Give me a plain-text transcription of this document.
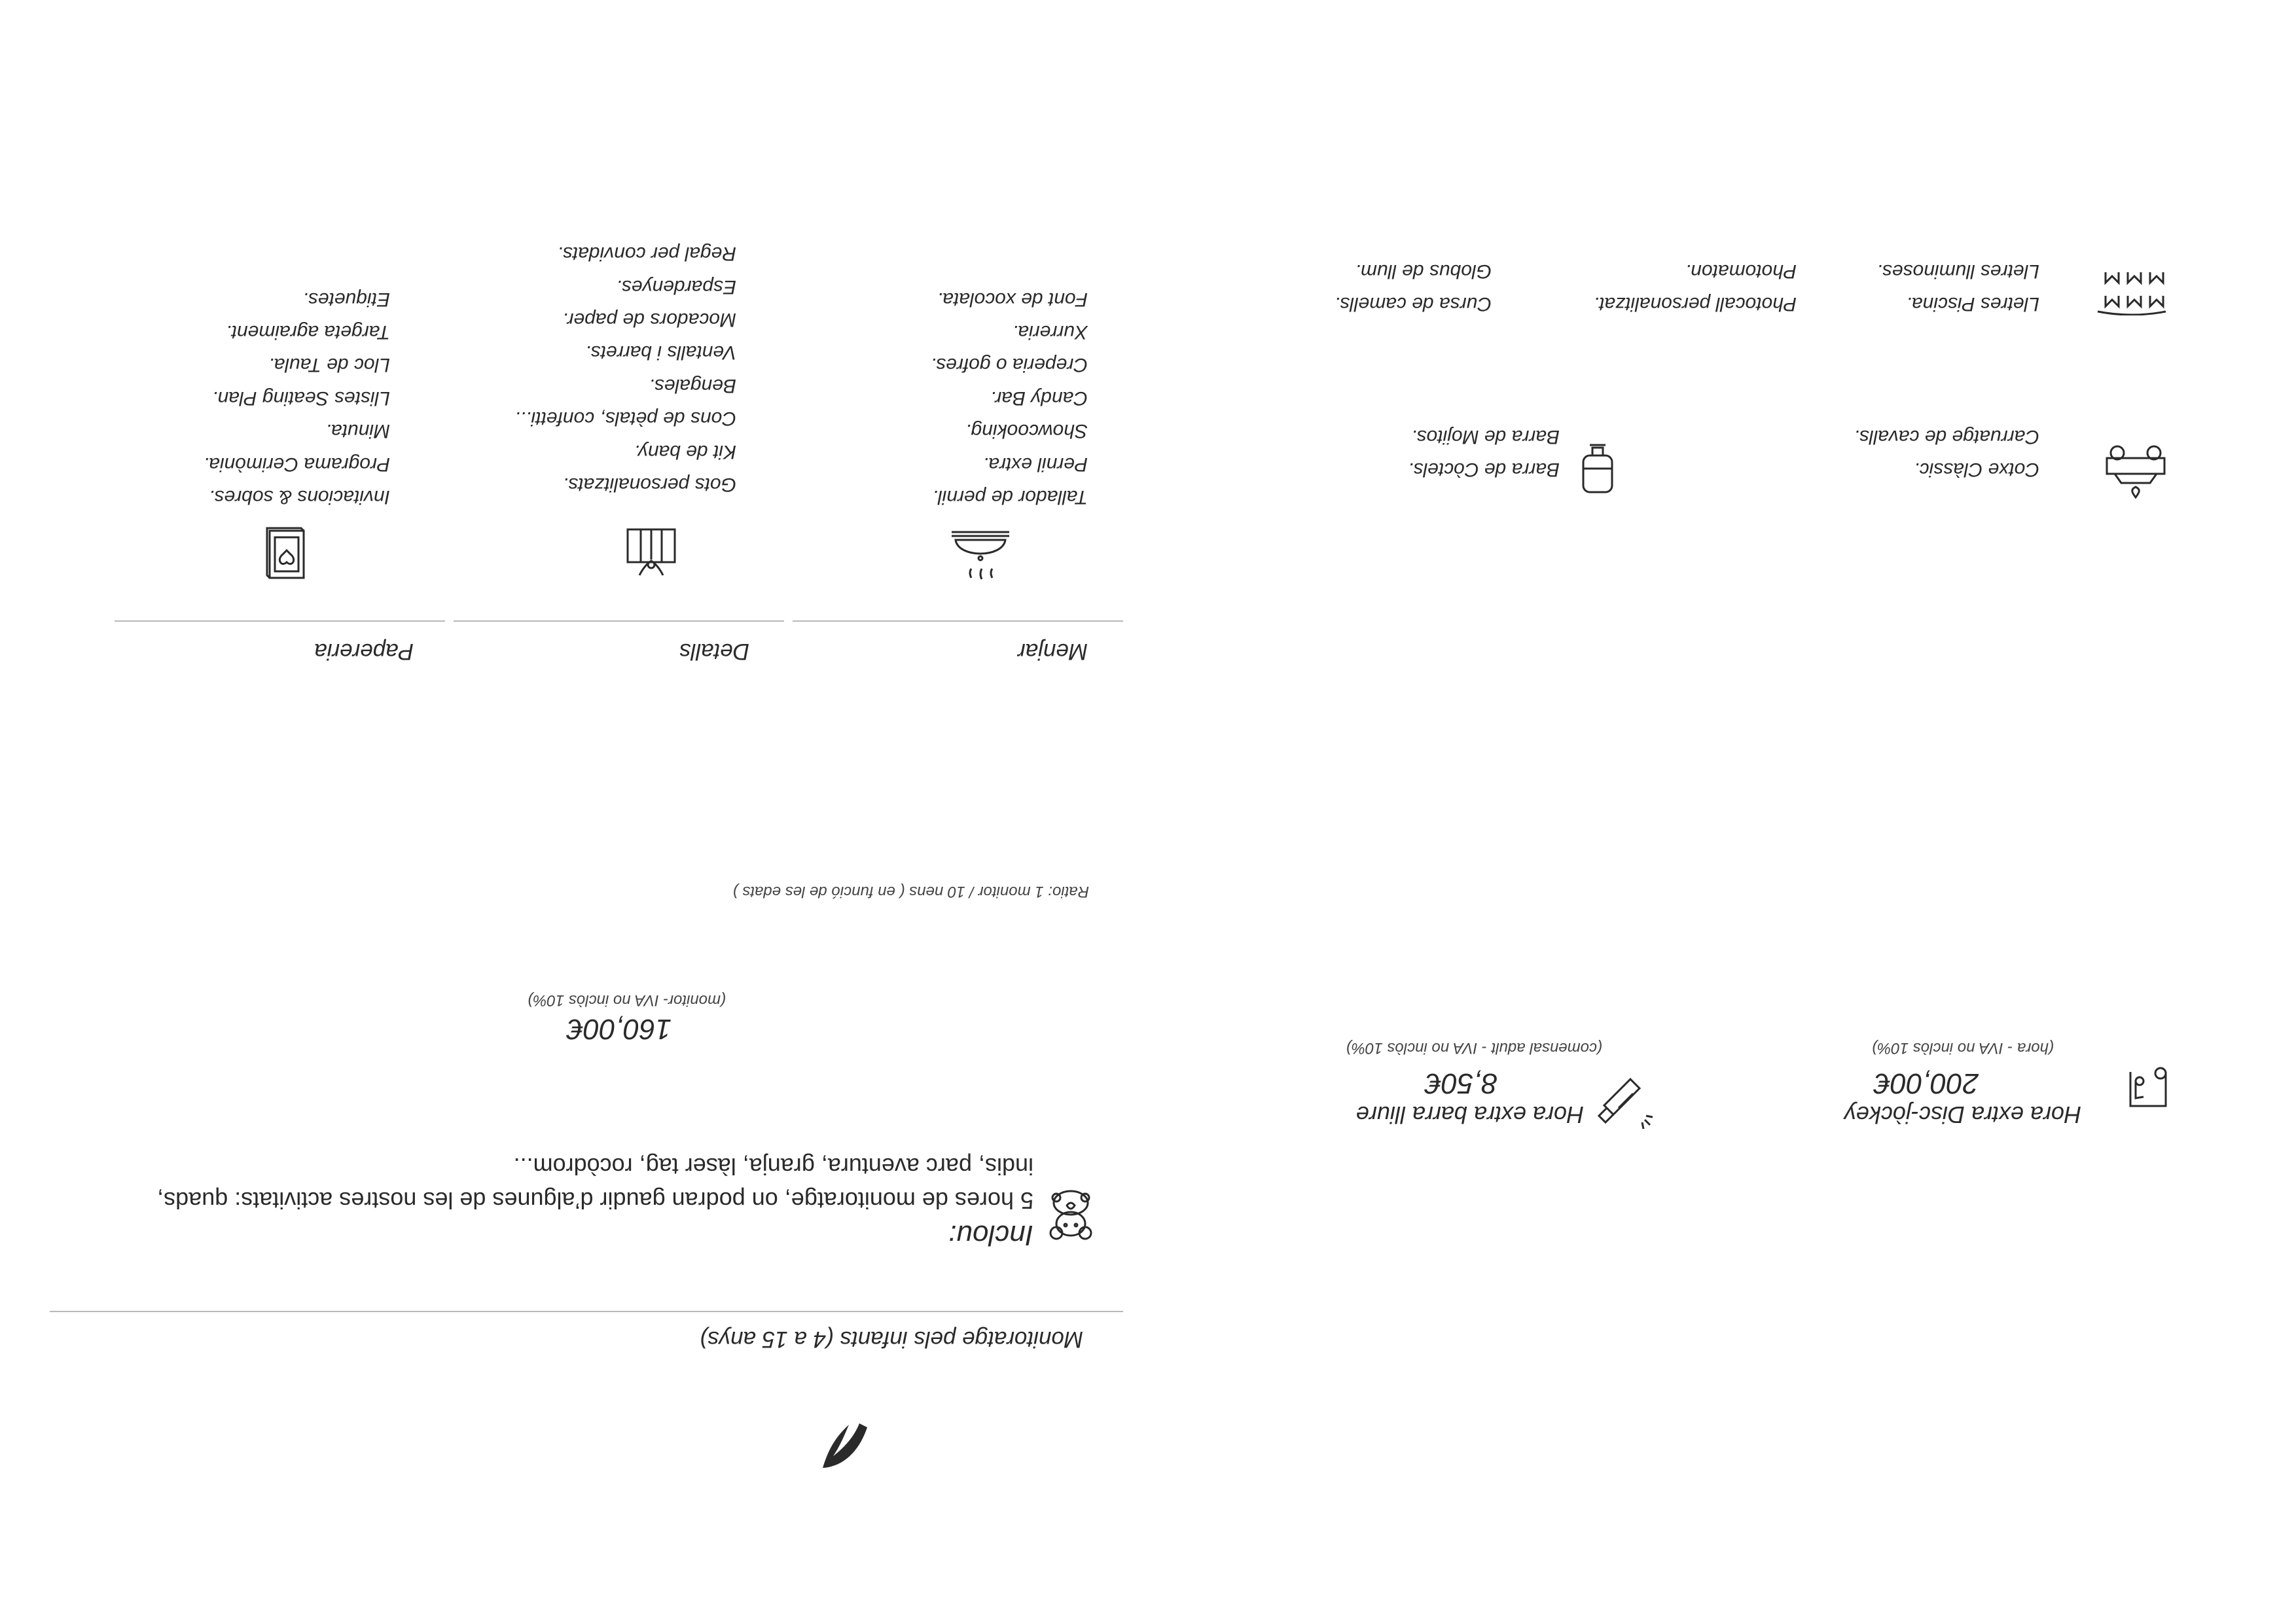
Monitoratge pels infants (4 a 15 anys)
Inclou:
5 hores de monitoratge, on podran gaudir d’algunes de les nostres activitats: quads,
indis, parc aventura, granja, làser tag, rocòdrom...
160,00€
(monitor- IVA no inclòs 10%)
Ratio: 1 monitor / 10 nens ( en funció de les edats )
Menjar
Tallador de pernil.
Pernil extra.
Showcooking.
Candy Bar.
Creperia o gofres.
Xurreria.
Font de xocolata.
Detalls
Gots personalitzats.
Kit de bany.
Cons de pètals, confetti...
Bengales.
Ventalls i barrets.
Mocadors de paper.
Espardenyes.
Regal per convidats.
Papereria
Invitacions & sobres.
Programa Cerimònia.
Minuta.
Llistes Seating Plan.
Lloc de Taula.
Targeta agraiment.
Etiquetes.
Hora extra Disc-jòckey
200,00€
(hora - IVA no inclòs 10%)
Hora extra barra lliure
8,50€
(comensal adult - IVA no inclòs 10%)
Cotxe Clàssic.
Carruatge de cavalls.
Barra de Còctels.
Barra de Mojitos.
Lletres Piscina.
Lletres lluminoses.
Photocall personalitzat.
Photomaton.
Cursa de camells.
Globus de llum.
